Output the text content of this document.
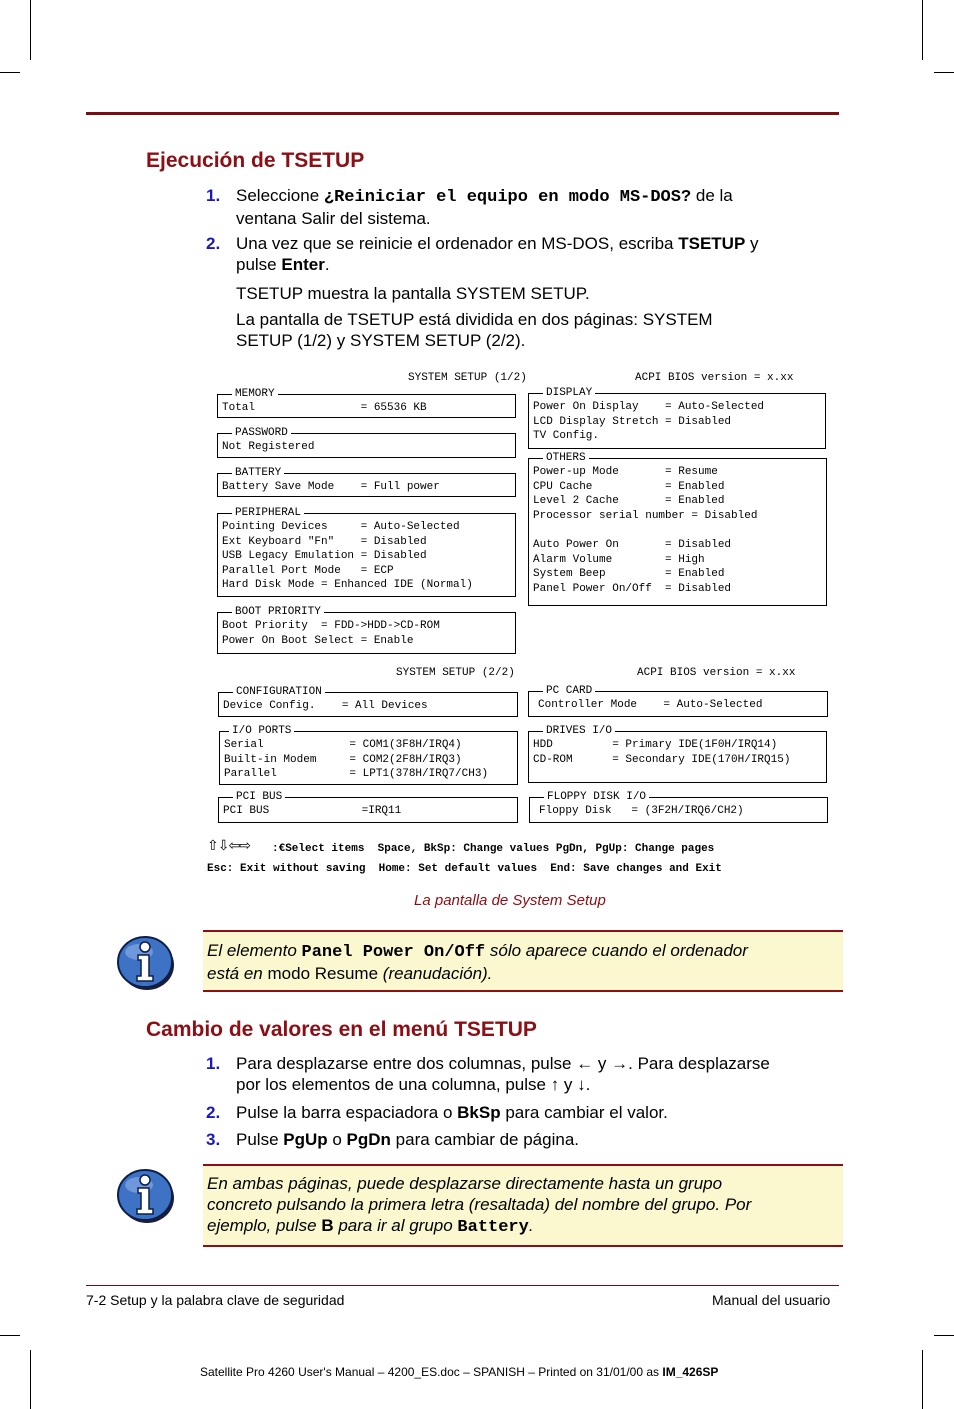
Ejecución de TSETUP
1. Seleccione ¿Reiniciar el equipo en modo MS-DOS? de la
ventana Salir del sistema.
2. Una vez que se reinicie el ordenador en MS-DOS, escriba TSETUP y
pulse Enter.
TSETUP muestra la pantalla SYSTEM SETUP.
La pantalla de TSETUP está dividida en dos páginas: SYSTEM
SETUP (1/2) y SYSTEM SETUP (2/2).
SYSTEM SETUP (1/2)	ACPI BIOS version = x.xx
MEMORY
Total                = 65536 KB
PASSWORD
Not Registered
BATTERY
Battery Save Mode    = Full power
PERIPHERAL
Pointing Devices     = Auto-Selected
Ext Keyboard "Fn"    = Disabled
USB Legacy Emulation = Disabled
Parallel Port Mode   = ECP
Hard Disk Mode = Enhanced IDE (Normal)
BOOT PRIORITY
Boot Priority  = FDD->HDD->CD-ROM
Power On Boot Select = Enable
DISPLAY
Power On Display    = Auto-Selected
LCD Display Stretch = Disabled
TV Config.
OTHERS
Power-up Mode       = Resume
CPU Cache           = Enabled
Level 2 Cache       = Enabled
Processor serial number = Disabled

Auto Power On       = Disabled
Alarm Volume        = High
System Beep         = Enabled
Panel Power On/Off  = Disabled
SYSTEM SETUP (2/2)	ACPI BIOS version = x.xx
CONFIGURATION
Device Config.    = All Devices
I/O PORTS
Serial             = COM1(3F8H/IRQ4)
Built-in Modem     = COM2(2F8H/IRQ3)
Parallel           = LPT1(378H/IRQ7/CH3)
PCI BUS
PCI BUS              =IRQ11
PC CARD
Controller Mode    = Auto-Selected
DRIVES I/O
HDD         = Primary IDE(1F0H/IRQ14)
CD-ROM      = Secondary IDE(170H/IRQ15)
FLOPPY DISK I/O
Floppy Disk   = (3F2H/IRQ6/CH2)
⇧⇩⇦⇨ :€Select items  Space, BkSp: Change values PgDn, PgUp: Change pages
Esc: Exit without saving  Home: Set default values  End: Save changes and Exit
La pantalla de System Setup
El elemento Panel Power On/Off sólo aparece cuando el ordenador
está en modo Resume (reanudación).
Cambio de valores en el menú TSETUP
1. Para desplazarse entre dos columnas, pulse ← y →. Para desplazarse
por los elementos de una columna, pulse ↑ y ↓.
2. Pulse la barra espaciadora o BkSp para cambiar el valor.
3. Pulse PgUp o PgDn para cambiar de página.
En ambas páginas, puede desplazarse directamente hasta un grupo
concreto pulsando la primera letra (resaltada) del nombre del grupo. Por
ejemplo, pulse B para ir al grupo Battery.
7-2 Setup y la palabra clave de seguridad	Manual del usuario
Satellite Pro 4260 User's Manual – 4200_ES.doc – SPANISH – Printed on 31/01/00 as IM_426SP
